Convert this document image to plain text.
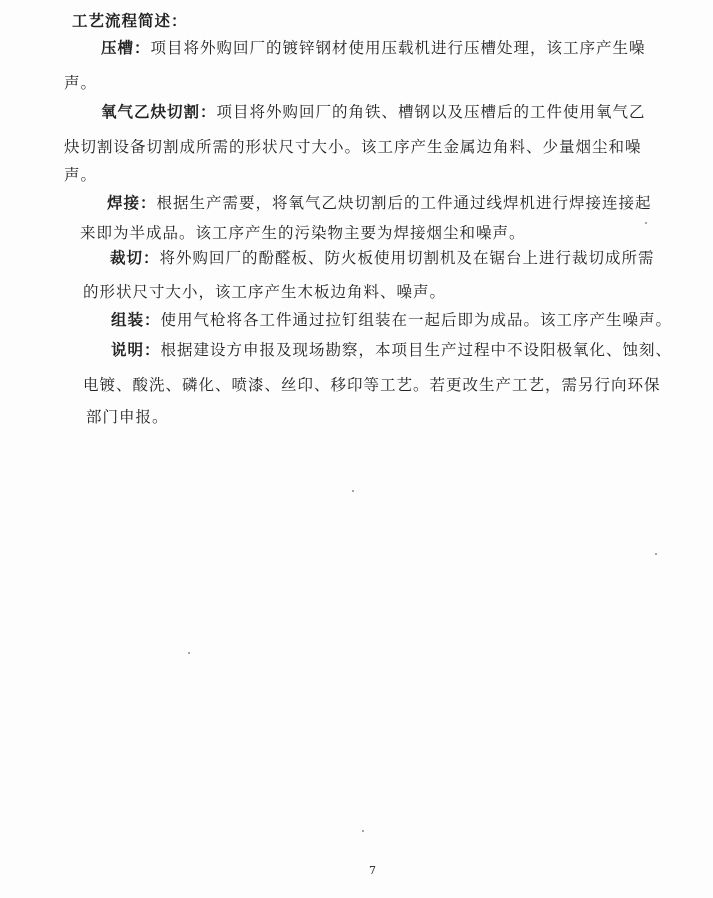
工艺流程简述：
压槽：项目将外购回厂的镀锌钢材使用压载机进行压槽处理，该工序产生噪
声。
氧气乙炔切割：项目将外购回厂的角铁、槽钢以及压槽后的工件使用氧气乙
炔切割设备切割成所需的形状尺寸大小。该工序产生金属边角料、少量烟尘和噪
声。
焊接：根据生产需要，将氧气乙炔切割后的工件通过线焊机进行焊接连接起
来即为半成品。该工序产生的污染物主要为焊接烟尘和噪声。
裁切：将外购回厂的酚醛板、防火板使用切割机及在锯台上进行裁切成所需
的形状尺寸大小，该工序产生木板边角料、噪声。
组装：使用气枪将各工件通过拉钉组装在一起后即为成品。该工序产生噪声。
说明：根据建设方申报及现场勘察，本项目生产过程中不设阳极氧化、蚀刻、
电镀、酸洗、磷化、喷漆、丝印、移印等工艺。若更改生产工艺，需另行向环保
部门申报。
7
